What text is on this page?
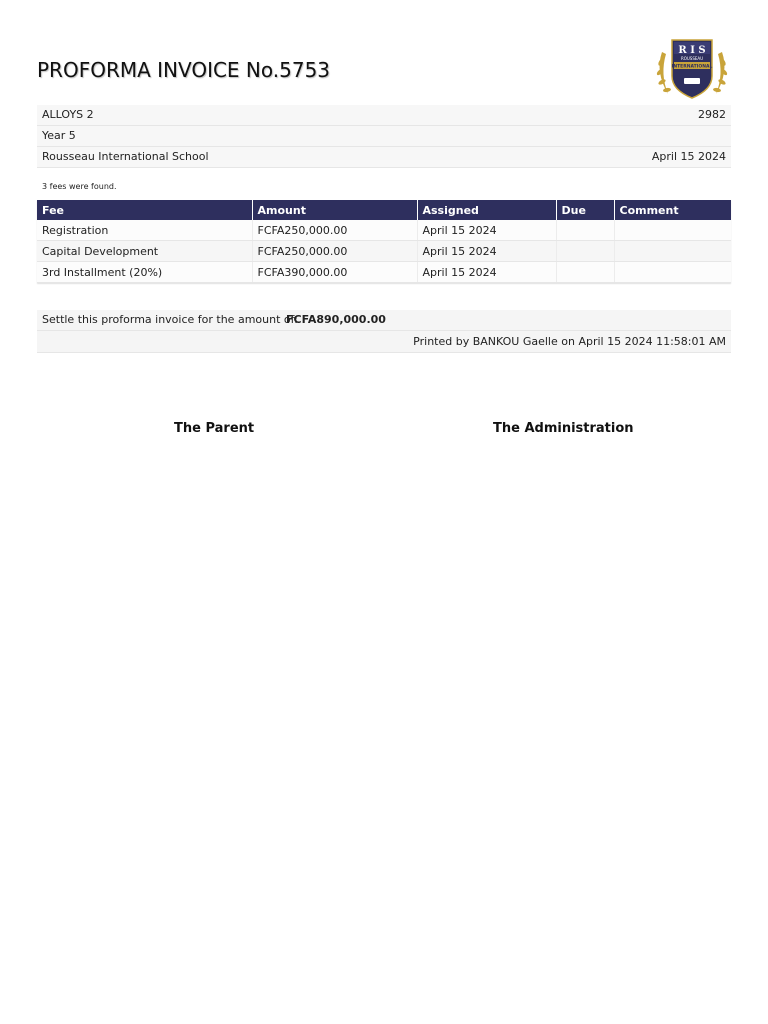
PROFORMA INVOICE No.5753
R I S
ROUSSEAU
INTERNATIONAL
ALLOYS 2	2982
Year 5
Rousseau International School	April 15 2024
3 fees were found.
Fee	Amount	Assigned	Due	Comment
Registration	FCFA250,000.00	April 15 2024		
Capital Development	FCFA250,000.00	April 15 2024		
3rd Installment (20%)	FCFA390,000.00	April 15 2024		
Settle this proforma invoice for the amount of:
FCFA890,000.00
Printed by BANKOU Gaelle on April 15 2024 11:58:01 AM
The Parent	The Administration
